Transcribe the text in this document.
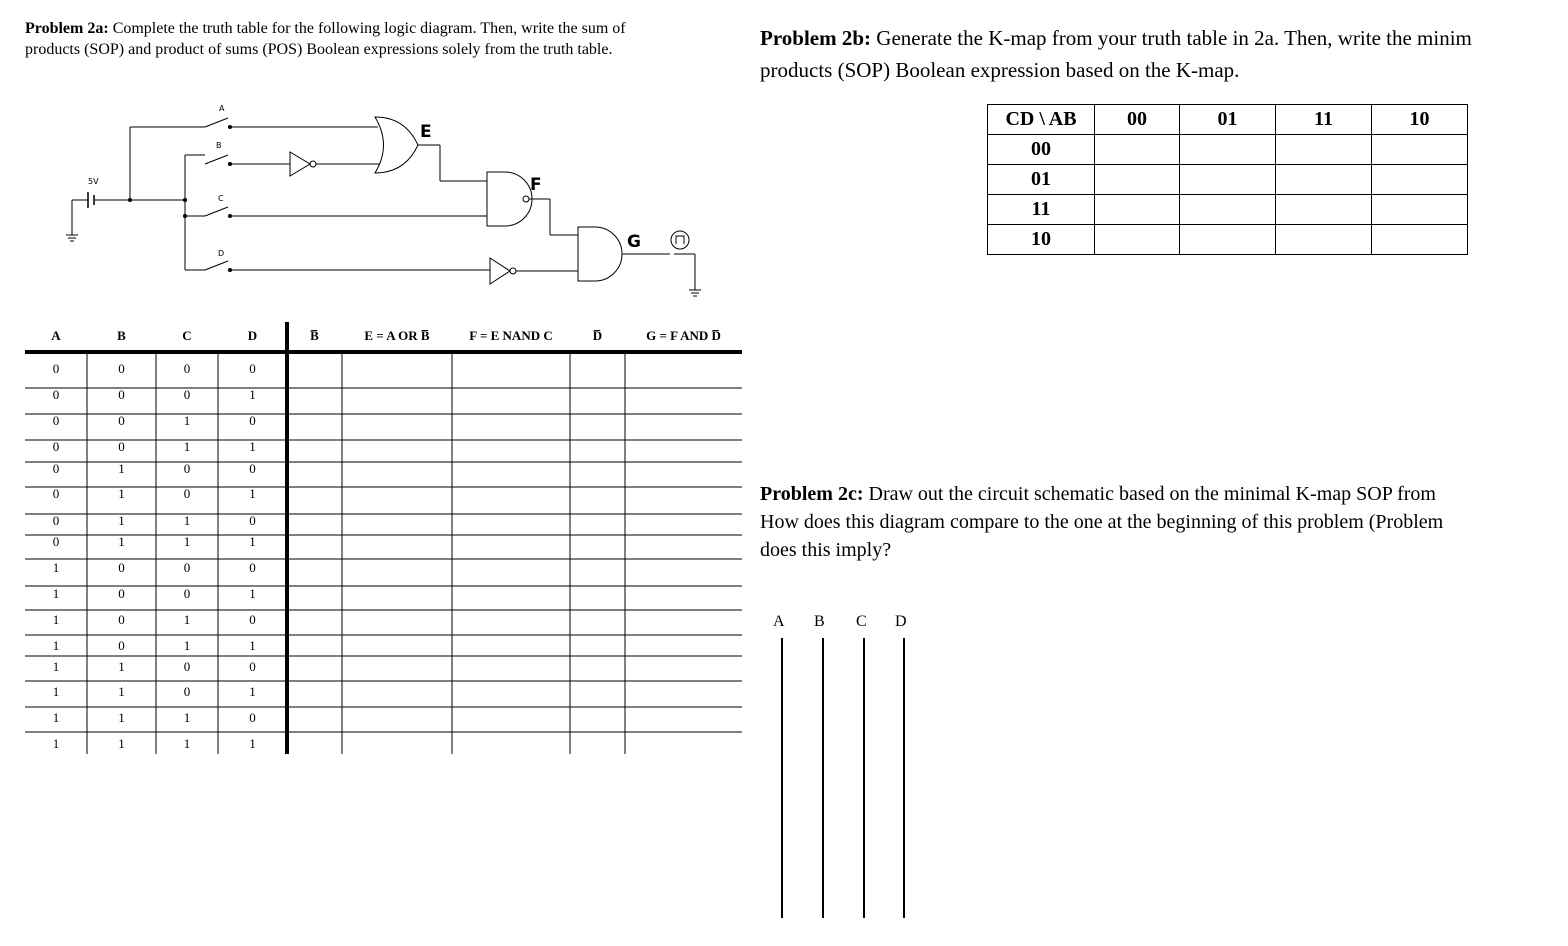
Problem 2a: Complete the truth table for the following logic diagram. Then, write the sum of
products (SOP) and product of sums (POS) Boolean expressions solely from the truth table.	Problem 2b: Generate the K-map from your truth table in 2a. Then, write the minim
products (SOP) Boolean expression based on the K-map.
5V
A
B
C
D
E
F
G
A	B	C	D	B̅	E = A OR B̅	F = E NAND C	D̅	G = F AND D̅
0	0	0	0
0	0	0	1
0	0	1	0
0	0	1	1
0	1	0	0
0	1	0	1
0	1	1	0
0	1	1	1
1	0	0	0
1	0	0	1
1	0	1	0
1	0	1	1
1	1	0	0
1	1	0	1
1	1	1	0
1	1	1	1
CD \ AB	00	01	11	10
00				
01				
11				
10				
Problem 2c: Draw out the circuit schematic based on the minimal K-map SOP from
How does this diagram compare to the one at the beginning of this problem (Problem
does this imply?
A B C D
